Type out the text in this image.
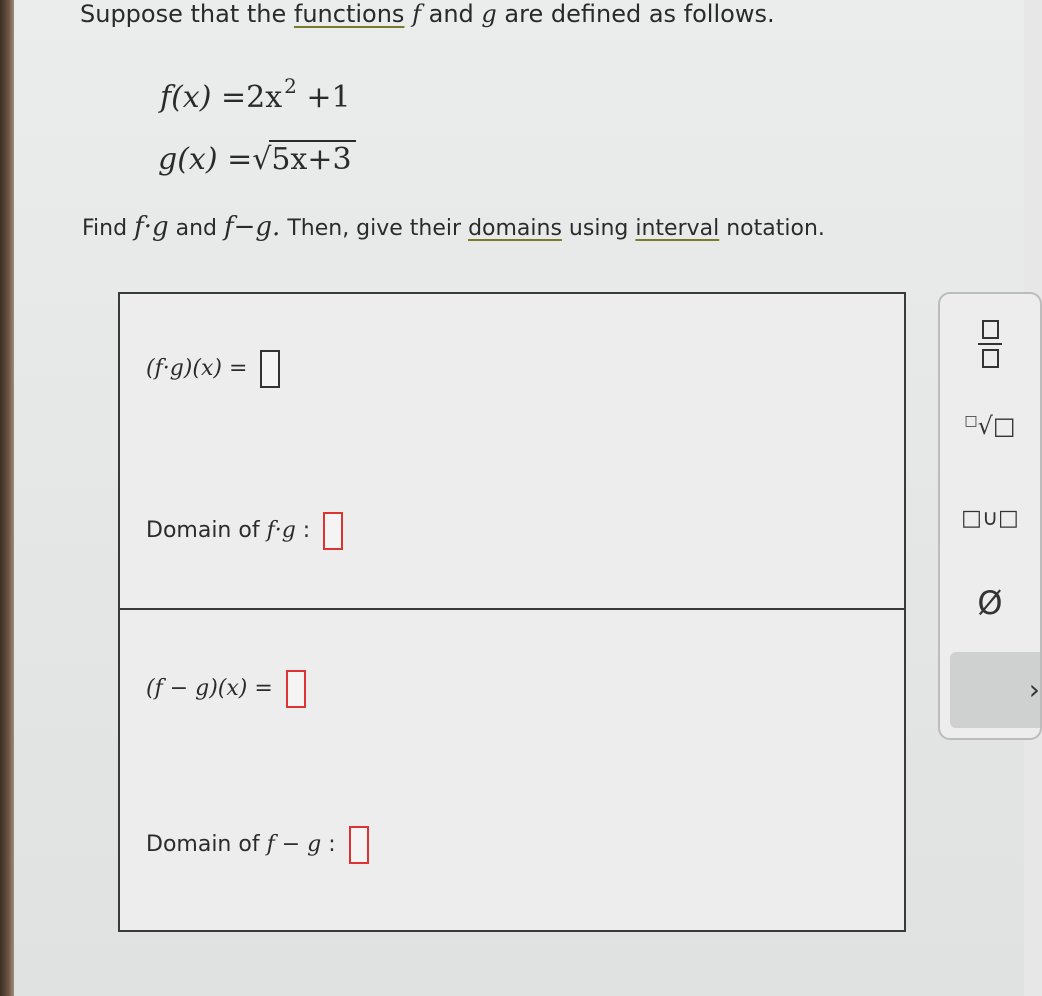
Suppose that the functions f and g are defined as follows.
f(x) =2x $^2$ +1
g(x) =√5x+3
Find f·g and f−g. Then, give their domains using interval notation.
(f·g)(x) =
Domain of f·g :
(f − g)(x) =
Domain of f − g :
□√□
□∪□
Ø
›
